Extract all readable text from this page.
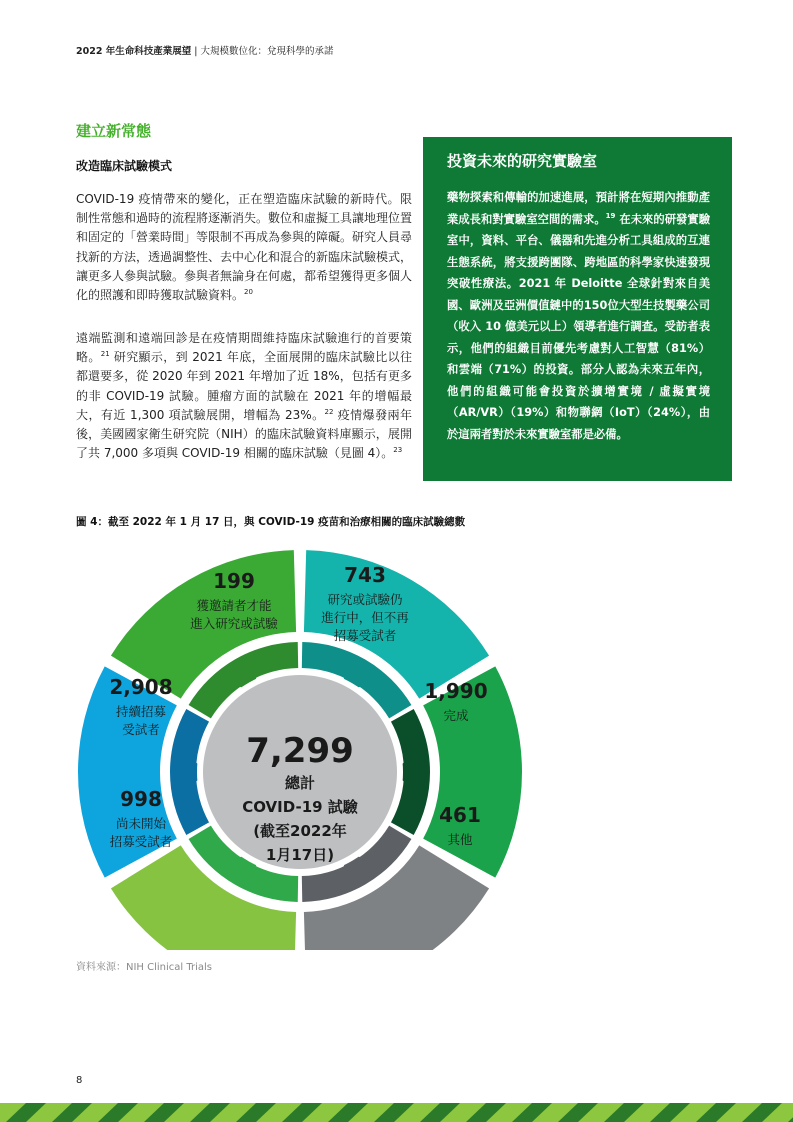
2022 年生命科技產業展望 | 大規模數位化：兌現科學的承諾
建立新常態
改造臨床試驗模式
COVID-19 疫情帶來的變化，正在塑造臨床試驗的新時代。限制性常態和過時的流程將逐漸消失。數位和虛擬工具讓地理位置和固定的「營業時間」等限制不再成為參與的障礙。研究人員尋找新的方法，透過調整性、去中心化和混合的新臨床試驗模式，讓更多人參與試驗。參與者無論身在何處，都希望獲得更多個人化的照護和即時獲取試驗資料。$^{20}$
遠端監測和遠端回診是在疫情期間維持臨床試驗進行的首要策略。$^{21}$ 研究顯示，到 2021 年底，全面展開的臨床試驗比以往都還要多，從 2020 年到 2021 年增加了近 18%，包括有更多的非 COVID-19 試驗。腫瘤方面的試驗在 2021 年的增幅最大，有近 1,300 項試驗展開，增幅為 23%。$^{22}$ 疫情爆發兩年後，美國國家衛生研究院（NIH）的臨床試驗資料庫顯示，展開了共 7,000 多項與 COVID-19 相關的臨床試驗（見圖 4）。$^{23}$
投資未來的研究實驗室
藥物探索和傳輸的加速進展，預計將在短期內推動產業成長和對實驗室空間的需求。$^{19}$ 在未來的研發實驗室中，資料、平台、儀器和先進分析工具組成的互連生態系統，將支援跨團隊、跨地區的科學家快速發現突破性療法。2021 年 Deloitte 全球針對來自美國、歐洲及亞洲價值鏈中的150位大型生技製藥公司（收入 10 億美元以上）領導者進行調查。受訪者表示，他們的組織目前優先考慮對人工智慧（81%）和雲端（71%）的投資。部分人認為未來五年內，他們的組織可能會投資於擴增實境 / 虛擬實境（AR/VR）（19%）和物聯網（IoT）（24%），由於這兩者對於未來實驗室都是必備。
圖 4：截至 2022 年 1 月 17 日，與 COVID-19 疫苗和治療相關的臨床試驗總數
199
獲邀請者才能
進入研究或試驗
743
研究或試驗仍
進行中，但不再
招募受試者
1,990
完成
461
其他
998
尚未開始
招募受試者
2,908
持續招募
受試者
7,299
總計
COVID-19 試驗
(截至2022年
1月17日)
資料來源：NIH Clinical Trials
8
